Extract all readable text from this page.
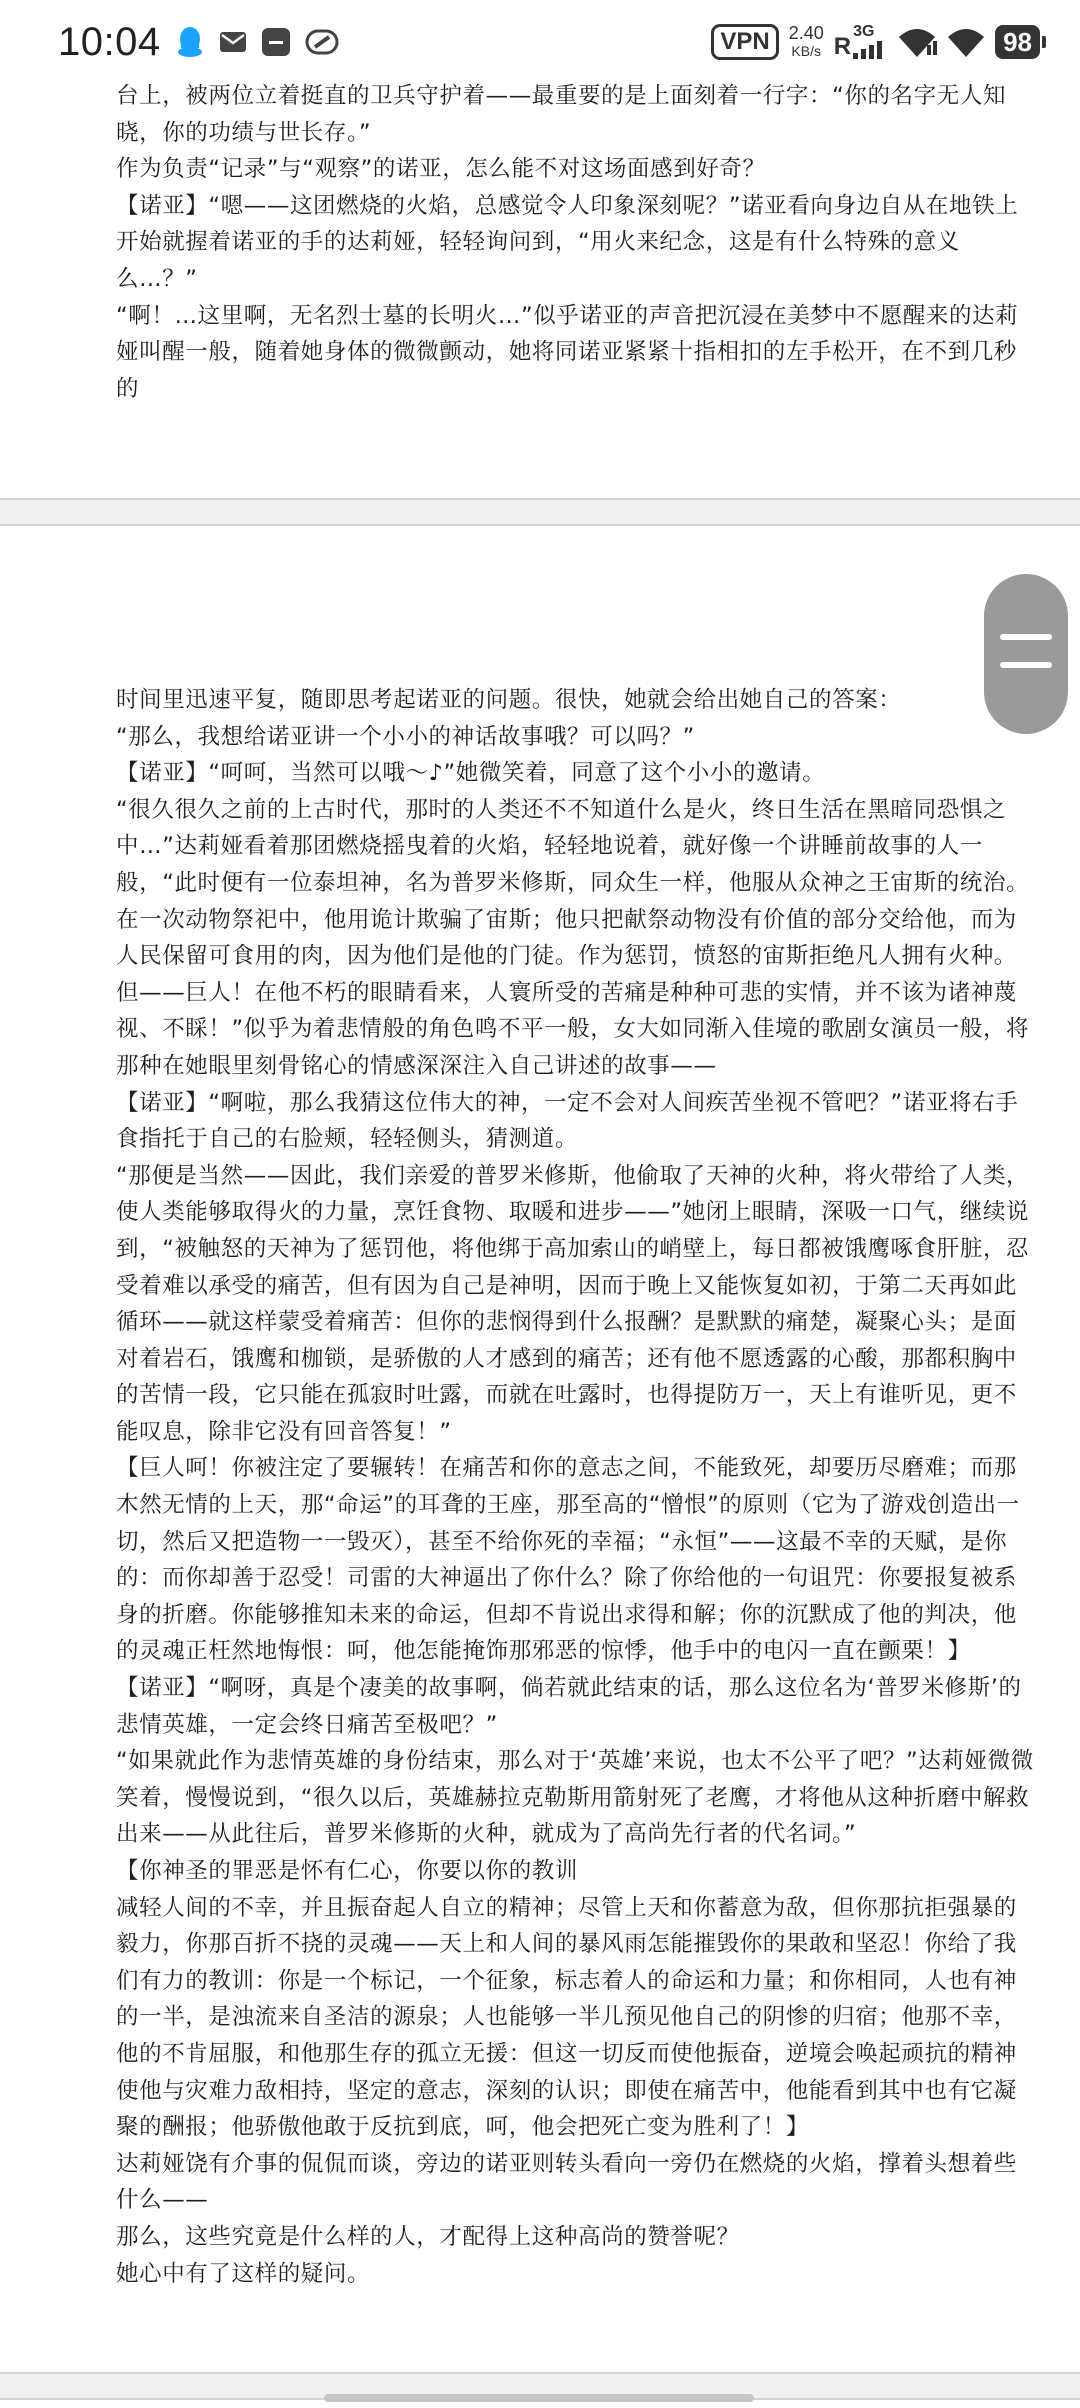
10:04	VPN	2.40
KB/s R
3G	98

台上，被两位立着挺直的卫兵守护着——最重要的是上面刻着一行字：“你的名字无人知晓，你的功绩与世长存。”

作为负责“记录”与“观察”的诺亚，怎么能不对这场面感到好奇？

【诺亚】“嗯——这团燃烧的火焰，总感觉令人印象深刻呢？”诺亚看向身边自从在地铁上开始就握着诺亚的手的达莉娅，轻轻询问到，“用火来纪念，这是有什么特殊的意义么…？”

“啊！…这里啊，无名烈士墓的长明火…”似乎诺亚的声音把沉浸在美梦中不愿醒来的达莉娅叫醒一般，随着她身体的微微颤动，她将同诺亚紧紧十指相扣的左手松开，在不到几秒的

时间里迅速平复，随即思考起诺亚的问题。很快，她就会给出她自己的答案：

“那么，我想给诺亚讲一个小小的神话故事哦？可以吗？”

【诺亚】“呵呵，当然可以哦～♪”她微笑着，同意了这个小小的邀请。

“很久很久之前的上古时代，那时的人类还不不知道什么是火，终日生活在黑暗同恐惧之中…”达莉娅看着那团燃烧摇曳着的火焰，轻轻地说着，就好像一个讲睡前故事的人一般，“此时便有一位泰坦神，名为普罗米修斯，同众生一样，他服从众神之王宙斯的统治。在一次动物祭祀中，他用诡计欺骗了宙斯；他只把献祭动物没有价值的部分交给他，而为人民保留可食用的肉，因为他们是他的门徒。作为惩罚，愤怒的宙斯拒绝凡人拥有火种。但——巨人！在他不朽的眼睛看来，人寰所受的苦痛是种种可悲的实情，并不该为诸神蔑视、不睬！”似乎为着悲情般的角色鸣不平一般，女大如同渐入佳境的歌剧女演员一般，将那种在她眼里刻骨铭心的情感深深注入自己讲述的故事——

【诺亚】“啊啦，那么我猜这位伟大的神，一定不会对人间疾苦坐视不管吧？”诺亚将右手食指托于自己的右脸颊，轻轻侧头，猜测道。

“那便是当然——因此，我们亲爱的普罗米修斯，他偷取了天神的火种，将火带给了人类，使人类能够取得火的力量，烹饪食物、取暖和进步——”她闭上眼睛，深吸一口气，继续说到，“被触怒的天神为了惩罚他，将他绑于高加索山的峭壁上，每日都被饿鹰啄食肝脏，忍受着难以承受的痛苦，但有因为自己是神明，因而于晚上又能恢复如初，于第二天再如此循环——就这样蒙受着痛苦：但你的悲悯得到什么报酬？是默默的痛楚，凝聚心头；是面对着岩石，饿鹰和枷锁，是骄傲的人才感到的痛苦；还有他不愿透露的心酸，那都积胸中的苦情一段，它只能在孤寂时吐露，而就在吐露时，也得提防万一，天上有谁听见，更不能叹息，除非它没有回音答复！”

【巨人呵！你被注定了要辗转！在痛苦和你的意志之间，不能致死，却要历尽磨难；而那木然无情的上天，那“命运”的耳聋的王座，那至高的“憎恨”的原则（它为了游戏创造出一切，然后又把造物一一毁灭），甚至不给你死的幸福；“永恒”——这最不幸的天赋，是你的：而你却善于忍受！司雷的大神逼出了你什么？除了你给他的一句诅咒：你要报复被系身的折磨。你能够推知未来的命运，但却不肯说出求得和解；你的沉默成了他的判决，他的灵魂正枉然地悔恨：呵，他怎能掩饰那邪恶的惊悸，他手中的电闪一直在颤栗！】

【诺亚】“啊呀，真是个凄美的故事啊，倘若就此结束的话，那么这位名为‘普罗米修斯’的悲情英雄，一定会终日痛苦至极吧？”

“如果就此作为悲情英雄的身份结束，那么对于‘英雄’来说，也太不公平了吧？”达莉娅微微笑着，慢慢说到，“很久以后，英雄赫拉克勒斯用箭射死了老鹰，才将他从这种折磨中解救出来——从此往后，普罗米修斯的火种，就成为了高尚先行者的代名词。”

【你神圣的罪恶是怀有仁心，你要以你的教训

减轻人间的不幸，并且振奋起人自立的精神；尽管上天和你蓄意为敌，但你那抗拒强暴的毅力，你那百折不挠的灵魂——天上和人间的暴风雨怎能摧毁你的果敢和坚忍！你给了我们有力的教训：你是一个标记，一个征象，标志着人的命运和力量；和你相同，人也有神的一半，是浊流来自圣洁的源泉；人也能够一半儿预见他自己的阴惨的归宿；他那不幸，他的不肯屈服，和他那生存的孤立无援：但这一切反而使他振奋，逆境会唤起顽抗的精神使他与灾难力敌相持，坚定的意志，深刻的认识；即使在痛苦中，他能看到其中也有它凝聚的酬报；他骄傲他敢于反抗到底，呵，他会把死亡变为胜利了！】

达莉娅饶有介事的侃侃而谈，旁边的诺亚则转头看向一旁仍在燃烧的火焰，撑着头想着些什么——

那么，这些究竟是什么样的人，才配得上这种高尚的赞誉呢？

她心中有了这样的疑问。
